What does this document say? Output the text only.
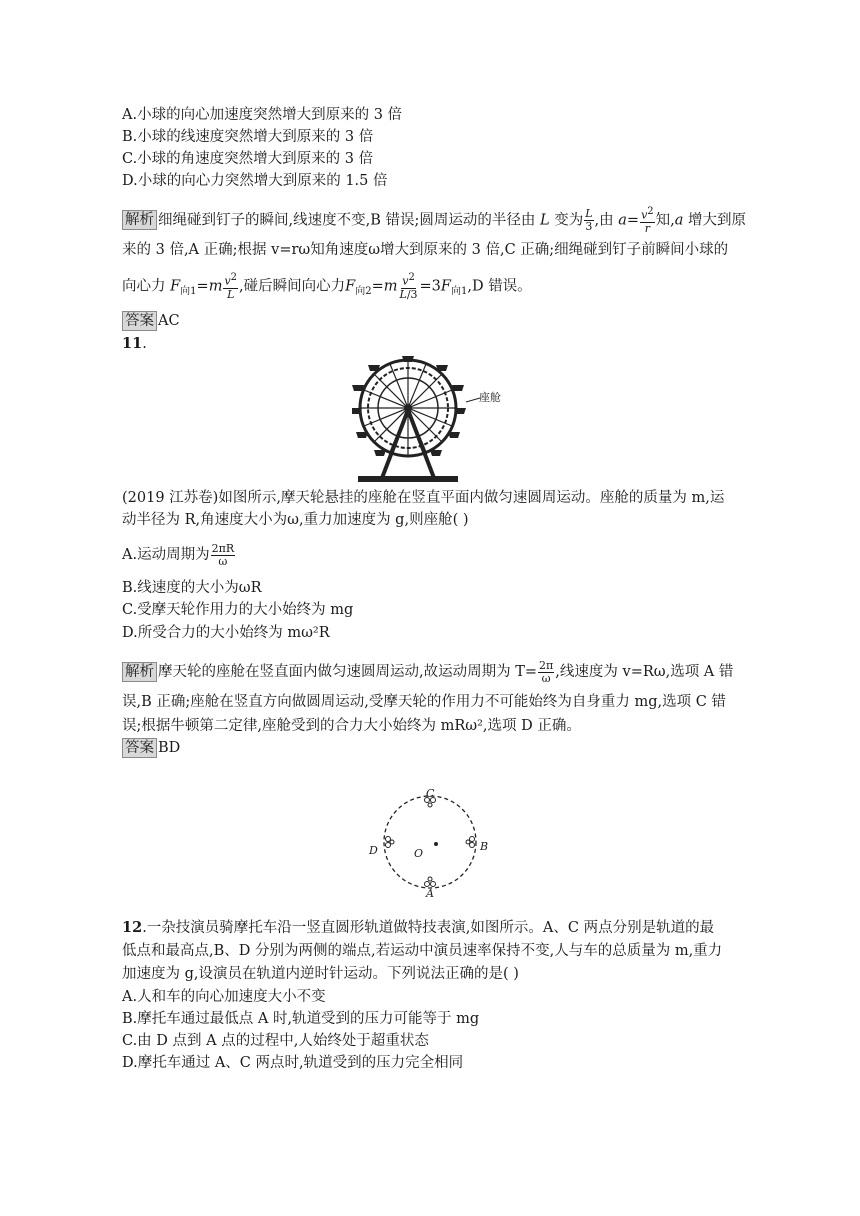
A.小球的向心加速度突然增大到原来的 3 倍
B.小球的线速度突然增大到原来的 3 倍
C.小球的角速度突然增大到原来的 3 倍
D.小球的向心力突然增大到原来的 1.5 倍
解析 细绳碰到钉子的瞬间,线速度不变,B 错误;圆周运动的半径由 L 变为 $\frac{L}{3}$ ,由 $a= \frac{v^2}{r}$ 知,a 增大到原
来的 3 倍,A 正确;根据 v=rω知角速度ω增大到原来的 3 倍,C 正确;细绳碰到钉子前瞬间小球的
向心力 $F_{向1}=m \frac{v^2}{L}$ ,碰后瞬间向心力$F_{向2}=m \frac{v^2}{L/3} =3F_{向1},D$ 错误。
答案 AC
11.
座舱
(2019 江苏卷)如图所示,摩天轮悬挂的座舱在竖直平面内做匀速圆周运动。座舱的质量为 m,运
动半径为 R,角速度大小为ω,重力加速度为 g,则座舱( )
A.运动周期为 $\frac{2\pi R}{\omega}$
B.线速度的大小为ωR
C.受摩天轮作用力的大小始终为 mg
D.所受合力的大小始终为 mω²R
解析 摩天轮的座舱在竖直面内做匀速圆周运动,故运动周期为 $T= \frac{2\pi}{\omega}$ ,线速度为 v=Rω,选项 A 错
误,B 正确;座舱在竖直方向做圆周运动,受摩天轮的作用力不可能始终为自身重力 mg,选项 C 错
误;根据牛顿第二定律,座舱受到的合力大小始终为 mRω²,选项 D 正确。
答案 BD
C
D	O
B
A
12.一杂技演员骑摩托车沿一竖直圆形轨道做特技表演,如图所示。A、C 两点分别是轨道的最
低点和最高点,B、D 分别为两侧的端点,若运动中演员速率保持不变,人与车的总质量为 m,重力
加速度为 g,设演员在轨道内逆时针运动。下列说法正确的是( )
A.人和车的向心加速度大小不变
B.摩托车通过最低点 A 时,轨道受到的压力可能等于 mg
C.由 D 点到 A 点的过程中,人始终处于超重状态
D.摩托车通过 A、C 两点时,轨道受到的压力完全相同
